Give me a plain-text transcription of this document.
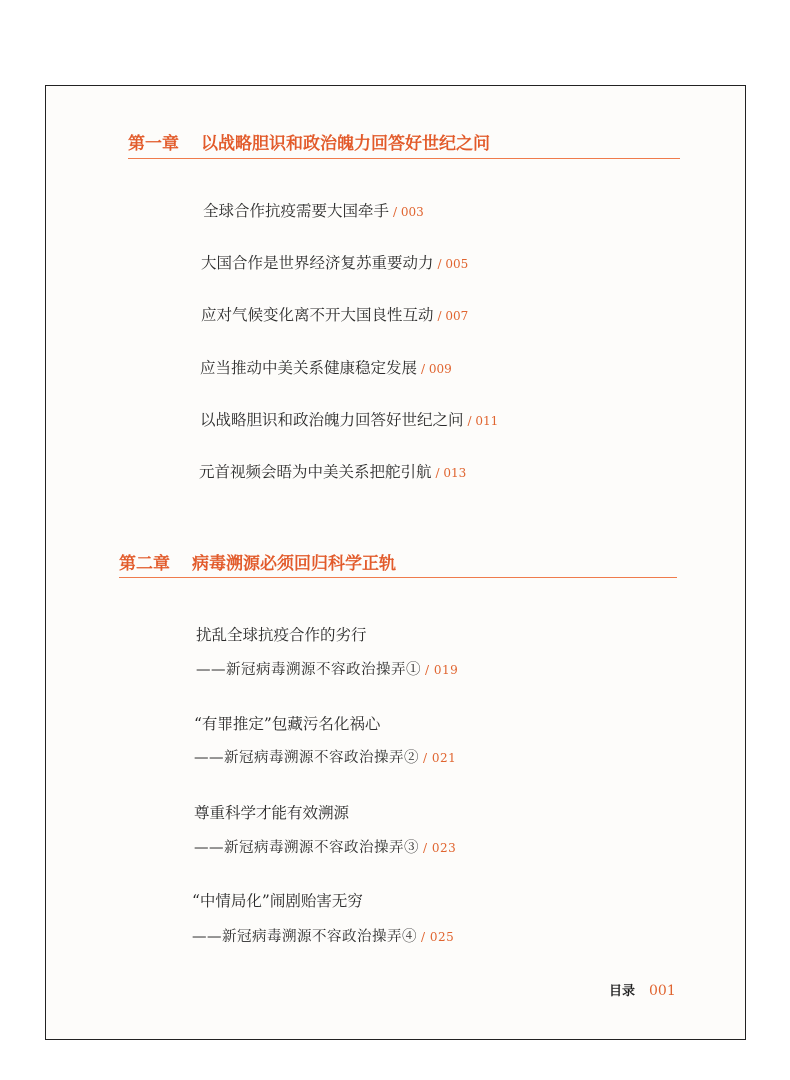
第一章 以战略胆识和政治魄力回答好世纪之问
全球合作抗疫需要大国牵手 / 003
大国合作是世界经济复苏重要动力 / 005
应对气候变化离不开大国良性互动 / 007
应当推动中美关系健康稳定发展 / 009
以战略胆识和政治魄力回答好世纪之问 / 011
元首视频会晤为中美关系把舵引航 / 013
第二章 病毒溯源必须回归科学正轨
扰乱全球抗疫合作的劣行
——新冠病毒溯源不容政治操弄① / 019
“有罪推定”包藏污名化祸心
——新冠病毒溯源不容政治操弄② / 021
尊重科学才能有效溯源
——新冠病毒溯源不容政治操弄③ / 023
“中情局化”闹剧贻害无穷
——新冠病毒溯源不容政治操弄④ / 025
目录 001
